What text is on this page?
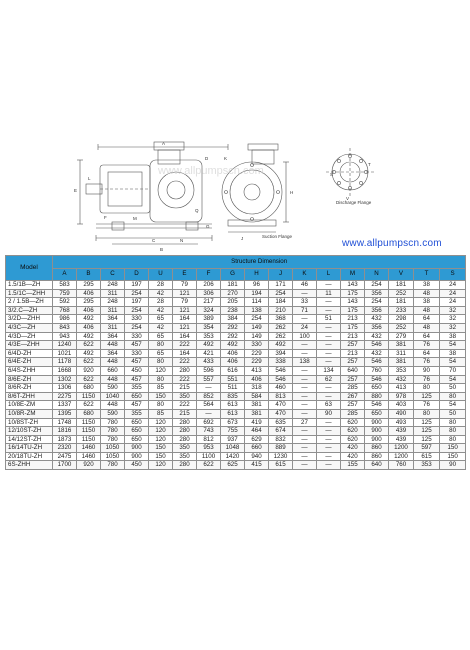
A
B
C
D
E
F
G
H
J
K
L
M
N
S
T
Q
V
Suction Flange
Discharge Flange
www.allpumpscn.com
www.allpumpscn.com
Model	Structure Dimension																
	A	B	C	D	U	E	F	G	H	J	K	L	M	N	V	T	S
1.5/1B—ZH	583	295	248	197	28	79	206	181	96	171	46	—	143	254	181	38	24
1.5/1C—ZHH	759	406	311	254	42	121	306	270	194	254	—	11	175	356	252	48	24
2 / 1.5B—ZH	592	295	248	197	28	79	217	205	114	184	33	—	143	254	181	38	24
3/2.C—ZH	768	406	311	254	42	121	324	238	138	210	71	—	175	356	233	48	32
3/2D—ZHH	986	492	364	330	65	164	389	384	254	368	—	51	213	432	298	64	32
4/3C—ZH	843	406	311	254	42	121	354	292	149	262	24	—	175	356	252	48	32
4/3D—ZH	943	492	364	330	65	164	353	292	149	262	100	—	213	432	279	64	38
4/3E—ZHH	1240	622	448	457	80	222	492	492	330	492	—	—	257	546	381	76	54
6/4D-ZH	1021	492	364	330	65	164	421	406	229	394	—	—	213	432	311	64	38
6/4E-ZH	1178	622	448	457	80	222	433	406	229	338	138	—	257	546	381	76	54
6/4S-ZHH	1668	920	660	450	120	280	596	616	413	546	—	134	640	760	353	90	70
8/6E-ZH	1302	622	448	457	80	222	557	551	406	546	—	62	257	546	432	76	54
8/6R-ZH	1306	680	590	355	85	215	—	511	318	460	—	—	285	650	413	80	50
8/6T-ZHH	2275	1150	1040	650	150	350	852	835	584	813	—	—	267	880	978	125	80
10/8E-ZM	1337	622	448	457	80	222	564	613	381	470	—	63	257	546	403	76	54
10/8R-ZM	1395	680	590	355	85	215	—	613	381	470	—	90	285	650	490	80	50
10/8ST-ZH	1748	1150	780	650	120	280	692	673	419	635	27	—	620	900	493	125	80
12/10ST-ZH	1816	1150	780	650	120	280	743	755	464	674	—	—	620	900	439	125	80
14/12ST-ZH	1873	1150	780	650	120	280	812	937	629	832	—	—	620	900	439	125	80
16/14TU-ZH	2320	1460	1050	900	150	350	953	1048	660	889	—	—	420	860	1200	597	150
20/18TU-ZH	2475	1460	1050	900	150	350	1100	1420	940	1230	—	—	420	860	1200	615	150
6S-ZHH	1700	920	780	450	120	280	622	625	415	615	—	—	155	640	760	353	90
